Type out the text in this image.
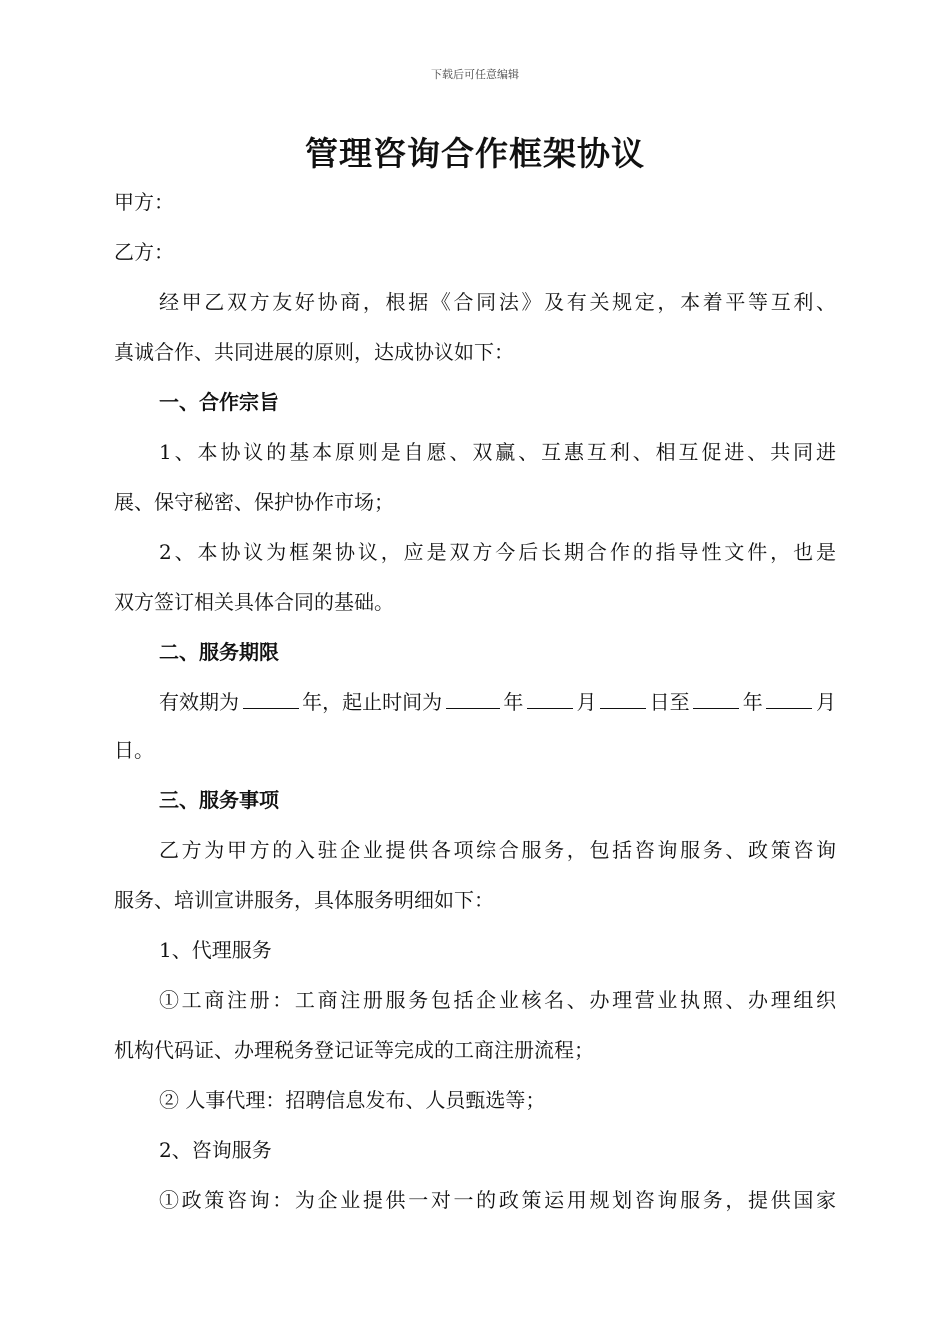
下载后可任意编辑
管理咨询合作框架协议
甲方：
乙方：
经甲乙双方友好协商，根据《合同法》及有关规定，本着平等互利、
真诚合作、共同进展的原则，达成协议如下：
一、合作宗旨
1、本协议的基本原则是自愿、双赢、互惠互利、相互促进、共同进
展、保守秘密、保护协作市场；
2、本协议为框架协议，应是双方今后长期合作的指导性文件，也是
双方签订相关具体合同的基础。
二、服务期限
有效期为	年，起止时间为	年	月	日至	年	月
日。
三、服务事项
乙方为甲方的入驻企业提供各项综合服务，包括咨询服务、政策咨询
服务、培训宣讲服务，具体服务明细如下：
1、代理服务
①工商注册：工商注册服务包括企业核名、办理营业执照、办理组织
机构代码证、办理税务登记证等完成的工商注册流程；
② 人事代理：招聘信息发布、人员甄选等；
2、咨询服务
①政策咨询：为企业提供一对一的政策运用规划咨询服务，提供国家
